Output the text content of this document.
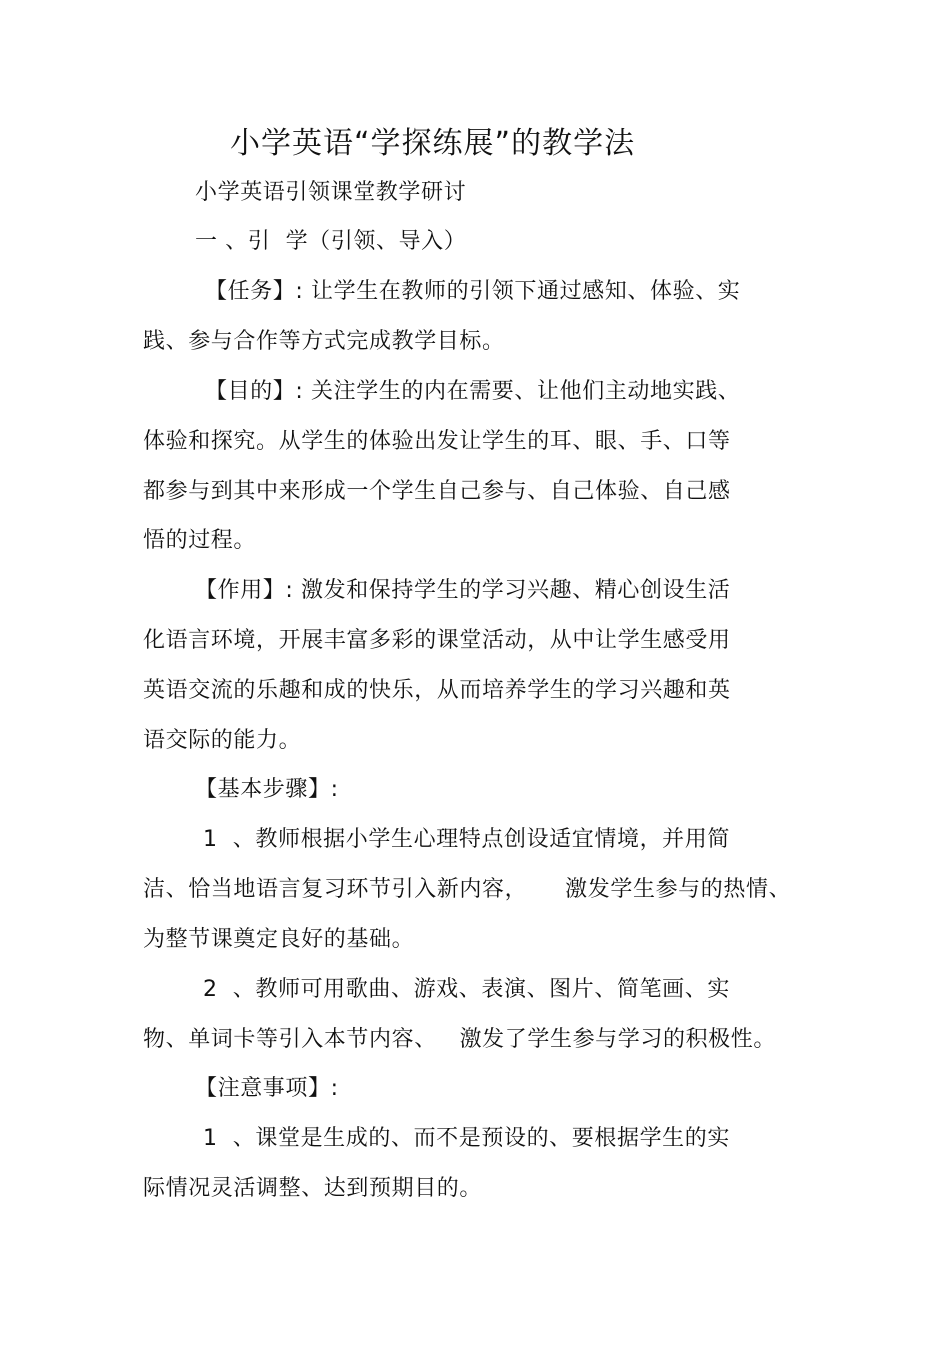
小学英语“学探练展”的教学法
小学英语引领课堂教学研讨
一 、引  学（引领、导入）
【任务】: 让学生在教师的引领下通过感知、体验、实
践、参与合作等方式完成教学目标。
【目的】: 关注学生的内在需要、让他们主动地实践、
体验和探究。从学生的体验出发让学生的耳、眼、手、口等
都参与到其中来形成一个学生自己参与、自己体验、自己感
悟的过程。
【作用】: 激发和保持学生的学习兴趣、精心创设生活
化语言环境，开展丰富多彩的课堂活动，从中让学生感受用
英语交流的乐趣和成的快乐，从而培养学生的学习兴趣和英
语交际的能力。
【基本步骤】:
1  、教师根据小学生心理特点创设适宜情境，并用简
洁、恰当地语言复习环节引入新内容，     激发学生参与的热情、
为整节课奠定良好的基础。
2  、教师可用歌曲、游戏、表演、图片、简笔画、实
物、单词卡等引入本节内容、   激发了学生参与学习的积极性。
【注意事项】:
1  、课堂是生成的、而不是预设的、要根据学生的实
际情况灵活调整、达到预期目的。
